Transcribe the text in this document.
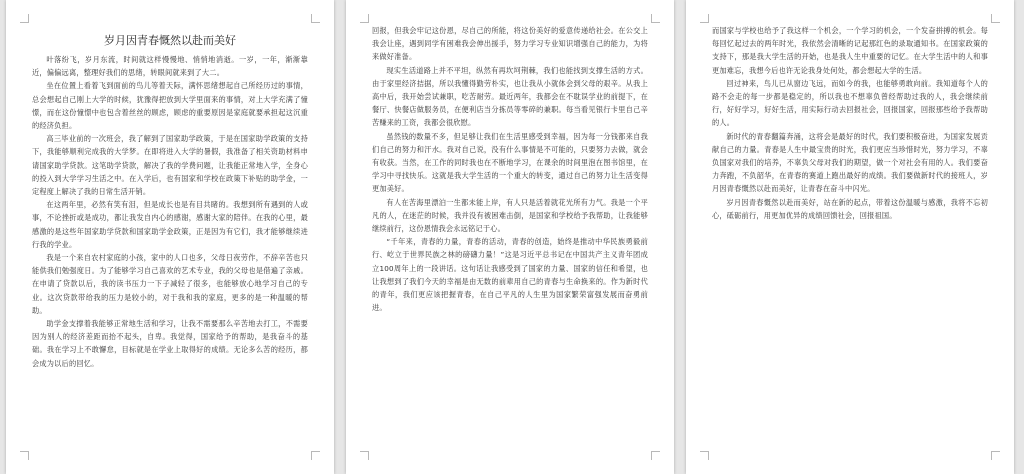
岁月因青春慨然以赴而美好

叶落纷飞，岁月东流，时间就这样慢慢地、悄悄地消逝。一岁，一年，渐渐靠近，偏偏远离，整理好我们的思绪，转眼间就来到了大二。

坐在位置上看着飞到面前的鸟儿等着天际，满怀思绪想起自己所经历过的事情，总会想起自己刚上大学的时候，犹豫得把放到大学里面来的事情，对上大学充满了憧憬，而在这份憧憬中也包含着丝丝的顾虑，顾虑的重要原因是家庭就要承担起这沉重的经济负担。

高三毕业前的一次班会，我了解到了国家助学政策，于是在国家助学政策的支持下，我能够顺利完成我的大学梦。在即将进入大学的暑假，我准备了相关资助材料申请国家助学贷款。这笔助学贷款，解决了我的学费问题，让我能正常地入学，全身心的投入到大学学习生活之中。在入学后，也有国家和学校在政策下补贴的助学金，一定程度上解决了我的日常生活开销。

在这两年里，必然有笑有泪，但是成长也是有目共睹的。我想到所有遇到的人或事，不论挫折或是成功，都让我发自内心的感谢，感谢大家的陪伴。在我的心里，最感激的是这些年国家助学贷款和国家助学金政策，正是因为有它们，我才能够继续进行我的学业。

我是一个来自农村家庭的小孩，家中的人口也多，父母日夜劳作，不辞辛苦也只能供我们勉强度日。为了能够学习自己喜欢的艺术专业，我的父母也是借遍了亲戚。在申请了贷款以后，我的读书压力一下子减轻了很多，也能够放心地学习自己的专业。这次贷款带给我的压力是较小的，对于我和我的家庭，更多的是一种温暖的帮助。

助学金支撑着我能够正常地生活和学习，让我不需要那么辛苦地去打工，不需要因为别人的经济差距而抬不起头，自卑。我觉得，国家给予的帮助，是我奋斗的基础。我在学习上不敢懈怠，目标就是在学业上取得好的成绩。无论多么苦的经历，都会成为以后的回忆。

回报，但我会牢记这份恩，尽自己的所能，将这份美好的爱意传递给社会。在公交上我会让座，遇到同学有困难我会伸出援手，努力学习专业知识增强自己的能力，为将来做好准备。

现实生活道路上并不平坦，纵然有再坎坷荆棘，我们也能找到支撑生活的方式。由于家里经济拮据，所以我懂得勤劳朴实，也让我从小就体会到父母的艰辛。从我上高中后，我开始尝试兼职，吃苦耐劳。最近两年，我都会在不耽误学业的前提下，在餐厅、快餐店做服务员，在便利店当分拣员等零碎的兼职。每当看见银行卡里自己辛苦赚来的工资，我都会很欣慰。

虽然钱的数量不多，但足够让我们在生活里感受到幸福，因为每一分钱都来自我们自己的努力和汗水。我对自己说，没有什么事情是不可能的，只要努力去做，就会有收获。当然，在工作的同时我也在不断地学习，在课余的时间里泡在图书馆里，在学习中寻找快乐。这就是我大学生活的一个重大的转变，通过自己的努力让生活变得更加美好。

有人在苦海里漂泊一生都未能上岸，有人只是活着就花光所有力气。我是一个平凡的人，在迷茫的时候，我并没有被困难击倒，是国家和学校给予我帮助，让我能够继续前行，这份恩情我会永远铭记于心。

“千年来，青春的力量，青春的活动，青春的创造，始终是推动中华民族勇毅前行、屹立于世界民族之林的磅礴力量！”这是习近平总书记在中国共产主义青年团成立100周年上的一段讲话。这句话让我感受到了国家的力量、国家的信任和希望，也让我想到了我们今天的幸福是由无数的前辈用自己的青春与生命换来的。作为新时代的青年，我们更应该把握青春，在自己平凡的人生里为国家繁荣富强发展而奋勇前进。

而国家与学校也给予了我这样一个机会，一个学习的机会，一个发奋拼搏的机会。每每回忆起过去的两年时光，我依然会清晰的记起那红色的录取通知书。在国家政策的支持下，那是我大学生活的开始，也是我人生中重要的记忆。在大学生活中的人和事更加难忘，我想今后也许无论我身处何处，都会想起大学的生活。

回过神来，鸟儿已从窗边飞远，而如今的我，也能够勇敢向前。我知道每个人的路不会走的每一步都是稳定的，所以我也不想辜负曾经帮助过我的人，我会继续前行，好好学习，好好生活，用实际行动去回报社会，回报国家，回报那些给予我帮助的人。

新时代的青春翻篇奔涌，这将会是最好的时代，我们要积极奋进，为国家发展贡献自己的力量。青春是人生中最宝贵的时光，我们更应当珍惜时光，努力学习，不辜负国家对我们的培养，不辜负父母对我们的期望，做一个对社会有用的人。我们要奋力奔跑，不负韶华，在青春的赛道上跑出最好的成绩。我们要做新时代的接班人，岁月因青春慨然以赴而美好，让青春在奋斗中闪光。

岁月因青春慨然以赴而美好，站在新的起点，带着这份温暖与感激，我将不忘初心，砥砺前行，用更加优异的成绩回馈社会，回报祖国。
